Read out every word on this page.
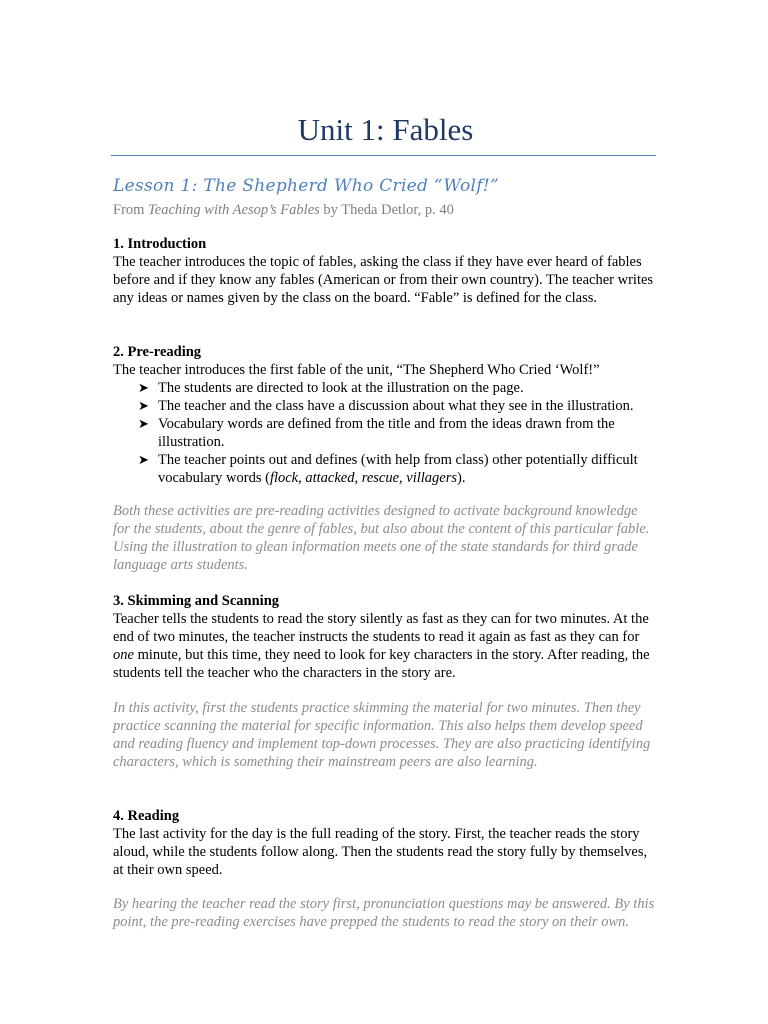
Unit 1: Fables
Lesson 1: The Shepherd Who Cried “Wolf!”
From Teaching with Aesop’s Fables by Theda Detlor, p. 40

1. Introduction

The teacher introduces the topic of fables, asking the class if they have ever heard of fables before and if they know any fables (American or from their own country). The teacher writes any ideas or names given by the class on the board. “Fable” is defined for the class.

2. Pre-reading

The teacher introduces the first fable of the unit, “The Shepherd Who Cried ‘Wolf!”

➤ The students are directed to look at the illustration on the page.
➤ The teacher and the class have a discussion about what they see in the illustration.
➤ Vocabulary words are defined from the title and from the ideas drawn from the illustration.
➤ The teacher points out and defines (with help from class) other potentially difficult vocabulary words (flock, attacked, rescue, villagers).
Both these activities are pre-reading activities designed to activate background knowledge for the students, about the genre of fables, but also about the content of this particular fable. Using the illustration to glean information meets one of the state standards for third grade language arts students.

3. Skimming and Scanning

Teacher tells the students to read the story silently as fast as they can for two minutes. At the end of two minutes, the teacher instructs the students to read it again as fast as they can for one minute, but this time, they need to look for key characters in the story. After reading, the students tell the teacher who the characters in the story are.

In this activity, first the students practice skimming the material for two minutes. Then they practice scanning the material for specific information. This also helps them develop speed and reading fluency and implement top-down processes. They are also practicing identifying characters, which is something their mainstream peers are also learning.

4. Reading

The last activity for the day is the full reading of the story. First, the teacher reads the story aloud, while the students follow along. Then the students read the story fully by themselves, at their own speed.

By hearing the teacher read the story first, pronunciation questions may be answered. By this point, the pre-reading exercises have prepped the students to read the story on their own.
